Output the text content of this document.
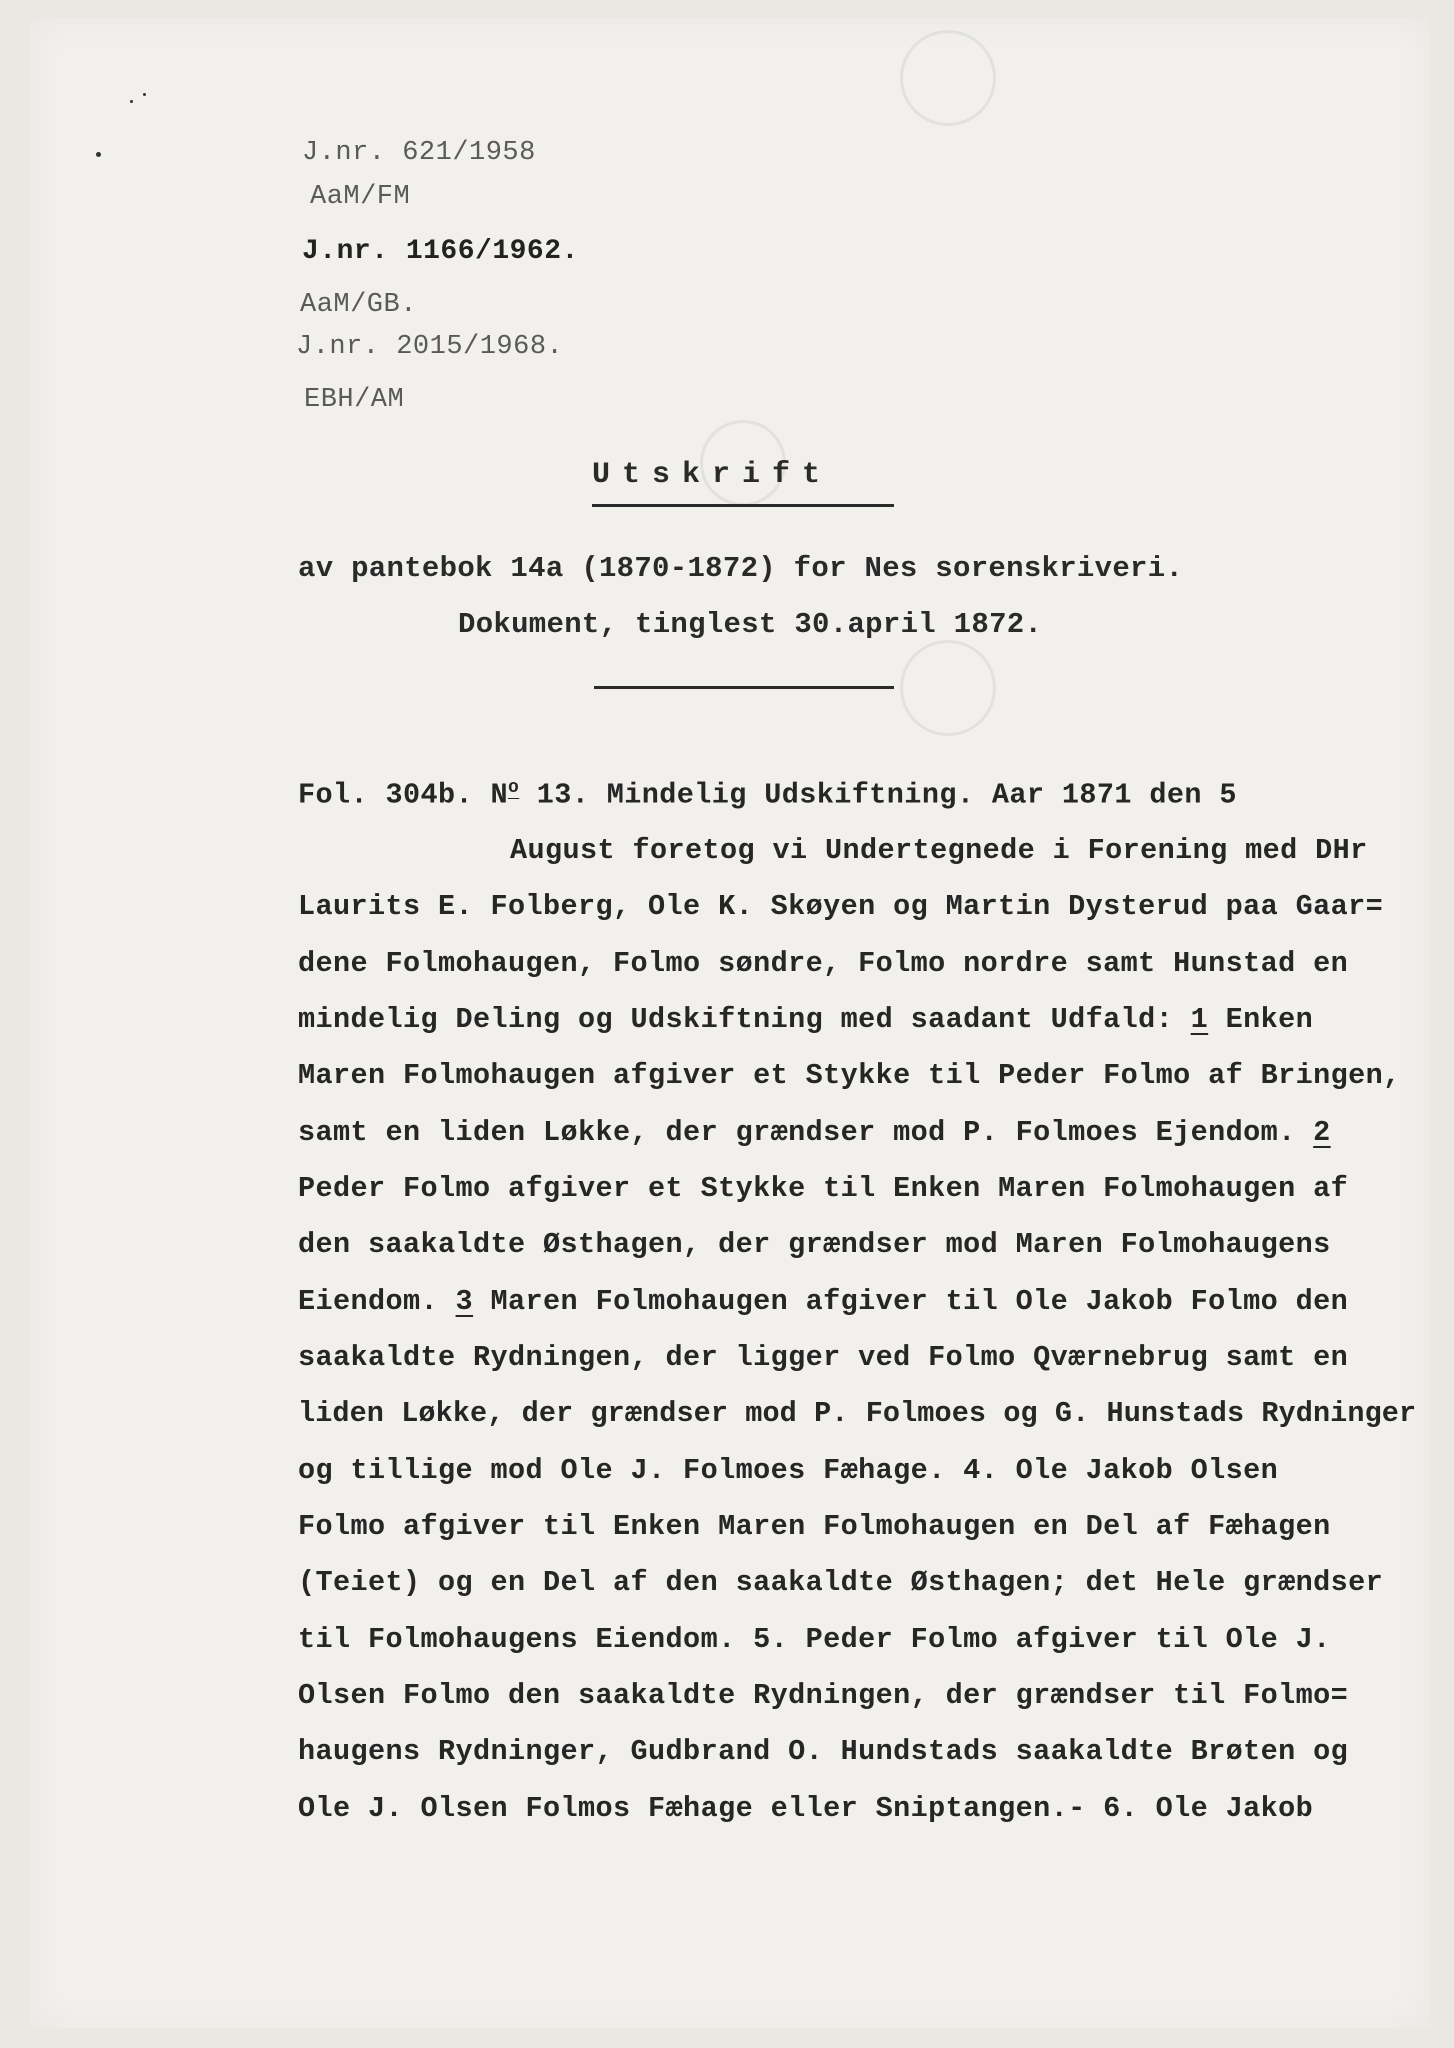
J.nr. 621/1958
AaM/FM
J.nr. 1166/1962.
AaM/GB.
J.nr. 2015/1968.
EBH/AM
Utskrift
av pantebok 14a (1870-1872) for Nes sorenskriveri.
Dokument, tinglest 30.april 1872.
Fol. 304b. $N^o$ 13. Mindelig Udskiftning. Aar 1871 den 5
August foretog vi Undertegnede i Forening med DHr
Laurits E. Folberg, Ole K. Skøyen og Martin Dysterud paa Gaar=
dene Folmohaugen, Folmo søndre, Folmo nordre samt Hunstad en
mindelig Deling og Udskiftning med saadant Udfald: 1 Enken
Maren Folmohaugen afgiver et Stykke til Peder Folmo af Bringen,
samt en liden Løkke, der grændser mod P. Folmoes Ejendom. 2
Peder Folmo afgiver et Stykke til Enken Maren Folmohaugen af
den saakaldte Østhagen, der grændser mod Maren Folmohaugens
Eiendom. 3 Maren Folmohaugen afgiver til Ole Jakob Folmo den
saakaldte Rydningen, der ligger ved Folmo Qværnebrug samt en
liden Løkke, der grændser mod P. Folmoes og G. Hunstads Rydninger
og tillige mod Ole J. Folmoes Fæhage. 4. Ole Jakob Olsen
Folmo afgiver til Enken Maren Folmohaugen en Del af Fæhagen
(Teiet) og en Del af den saakaldte Østhagen; det Hele grændser
til Folmohaugens Eiendom. 5. Peder Folmo afgiver til Ole J.
Olsen Folmo den saakaldte Rydningen, der grændser til Folmo=
haugens Rydninger, Gudbrand O. Hundstads saakaldte Brøten og
Ole J. Olsen Folmos Fæhage eller Sniptangen.- 6. Ole Jakob
